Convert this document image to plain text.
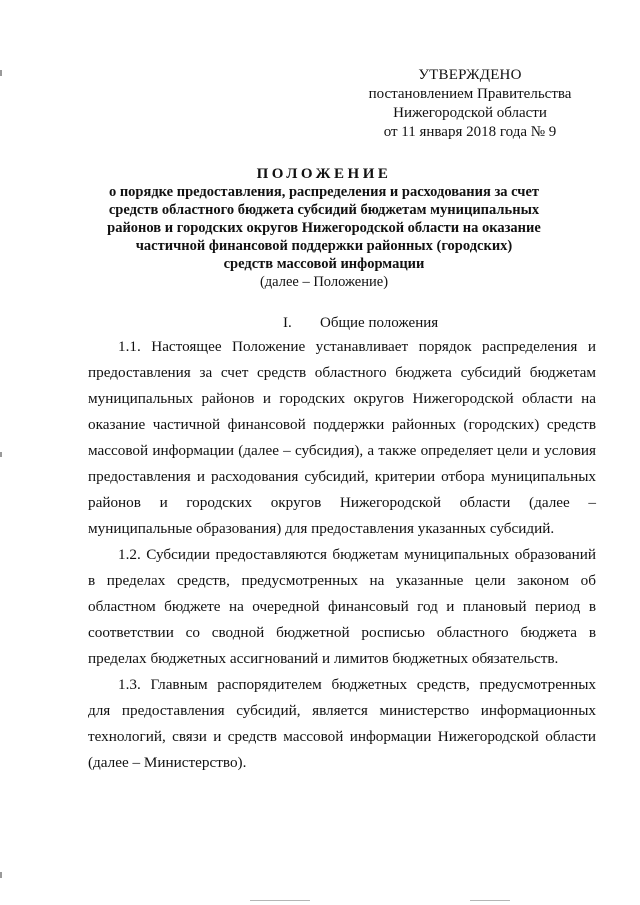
УТВЕРЖДЕНО
постановлением Правительства
Нижегородской области
от 11 января 2018 года № 9
ПОЛОЖЕНИЕ
о порядке предоставления, распределения и расходования за счет
средств областного бюджета субсидий бюджетам муниципальных
районов и городских округов Нижегородской области на оказание
частичной финансовой поддержки районных (городских)
средств массовой информации
(далее – Положение)
I. Общие положения
1.1. Настоящее Положение устанавливает порядок распределения и
предоставления за счет средств областного бюджета субсидий бюджетам
муниципальных районов и городских округов Нижегородской области на
оказание частичной финансовой поддержки районных (городских) средств
массовой информации (далее – субсидия), а также определяет цели и условия
предоставления и расходования субсидий, критерии отбора муниципальных
районов и городских округов Нижегородской области (далее –
муниципальные образования) для предоставления указанных субсидий.
1.2. Субсидии предоставляются бюджетам муниципальных образований
в пределах средств, предусмотренных на указанные цели законом об
областном бюджете на очередной финансовый год и плановый период в
соответствии со сводной бюджетной росписью областного бюджета в
пределах бюджетных ассигнований и лимитов бюджетных обязательств.
1.3. Главным распорядителем бюджетных средств, предусмотренных
для предоставления субсидий, является министерство информационных
технологий, связи и средств массовой информации Нижегородской области
(далее – Министерство).
